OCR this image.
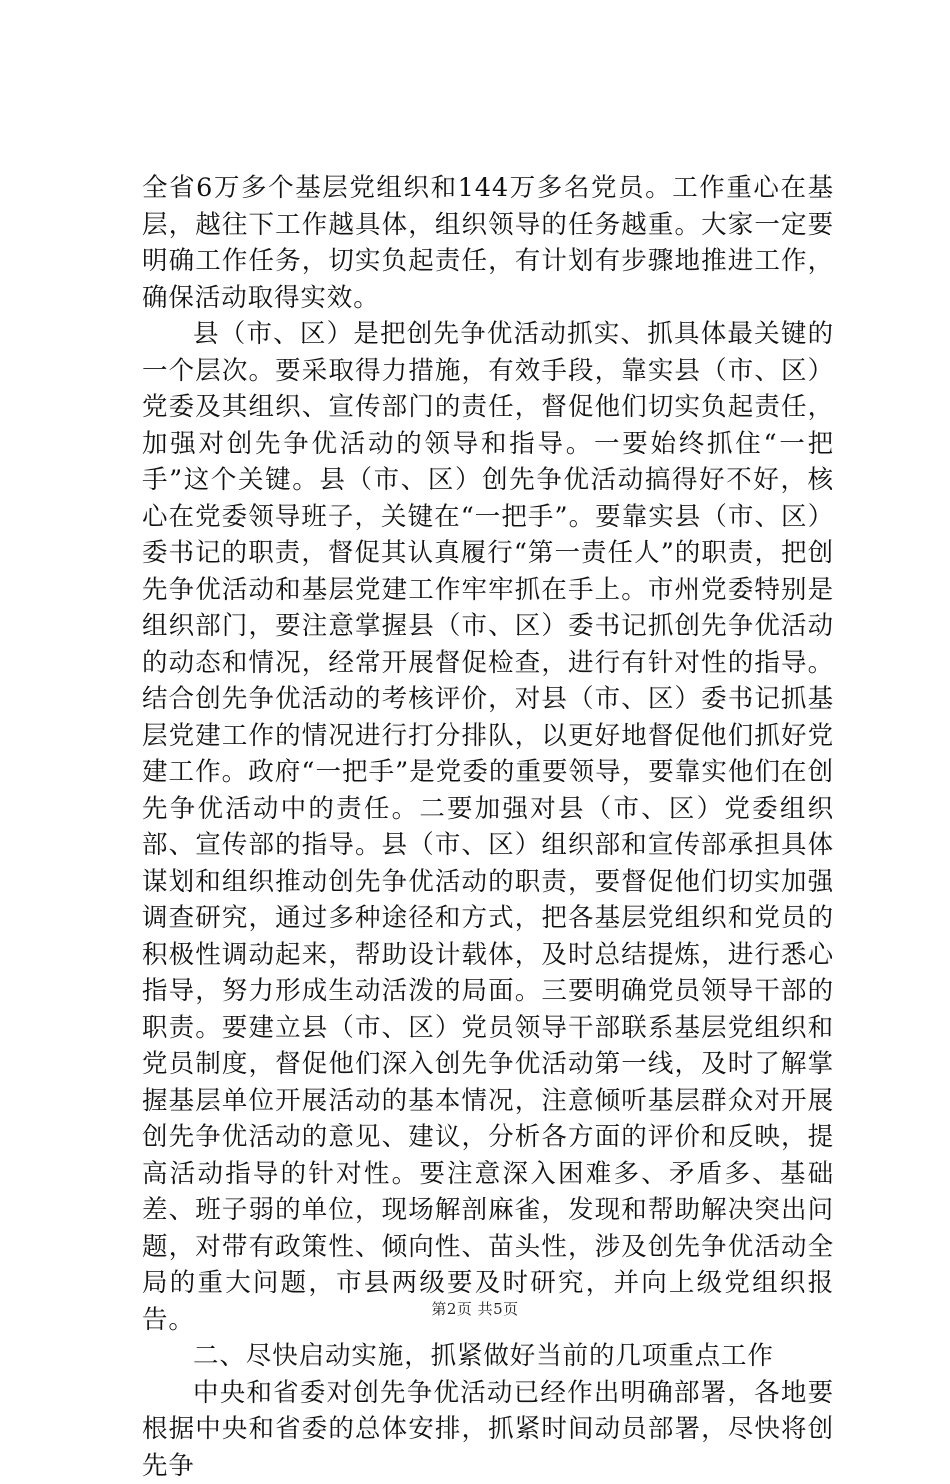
全省6万多个基层党组织和144万多名党员。工作重心在基层，越往下工作越具体，组织领导的任务越重。大家一定要明确工作任务，切实负起责任，有计划有步骤地推进工作，确保活动取得实效。

县（市、区）是把创先争优活动抓实、抓具体最关键的一个层次。要采取得力措施，有效手段，靠实县（市、区）党委及其组织、宣传部门的责任，督促他们切实负起责任，加强对创先争优活动的领导和指导。一要始终抓住“一把手”这个关键。县（市、区）创先争优活动搞得好不好，核心在党委领导班子，关键在“一把手”。要靠实县（市、区）委书记的职责，督促其认真履行“第一责任人”的职责，把创先争优活动和基层党建工作牢牢抓在手上。市州党委特别是组织部门，要注意掌握县（市、区）委书记抓创先争优活动的动态和情况，经常开展督促检查，进行有针对性的指导。结合创先争优活动的考核评价，对县（市、区）委书记抓基层党建工作的情况进行打分排队，以更好地督促他们抓好党建工作。政府“一把手”是党委的重要领导，要靠实他们在创先争优活动中的责任。二要加强对县（市、区）党委组织部、宣传部的指导。县（市、区）组织部和宣传部承担具体谋划和组织推动创先争优活动的职责，要督促他们切实加强调查研究，通过多种途径和方式，把各基层党组织和党员的积极性调动起来，帮助设计载体，及时总结提炼，进行悉心指导，努力形成生动活泼的局面。三要明确党员领导干部的职责。要建立县（市、区）党员领导干部联系基层党组织和党员制度，督促他们深入创先争优活动第一线，及时了解掌握基层单位开展活动的基本情况，注意倾听基层群众对开展创先争优活动的意见、建议，分析各方面的评价和反映，提高活动指导的针对性。要注意深入困难多、矛盾多、基础差、班子弱的单位，现场解剖麻雀，发现和帮助解决突出问题，对带有政策性、倾向性、苗头性，涉及创先争优活动全局的重大问题，市县两级要及时研究，并向上级党组织报告。

二、尽快启动实施，抓紧做好当前的几项重点工作

中央和省委对创先争优活动已经作出明确部署，各地要根据中央和省委的总体安排，抓紧时间动员部署，尽快将创先争

第2页 共5页
